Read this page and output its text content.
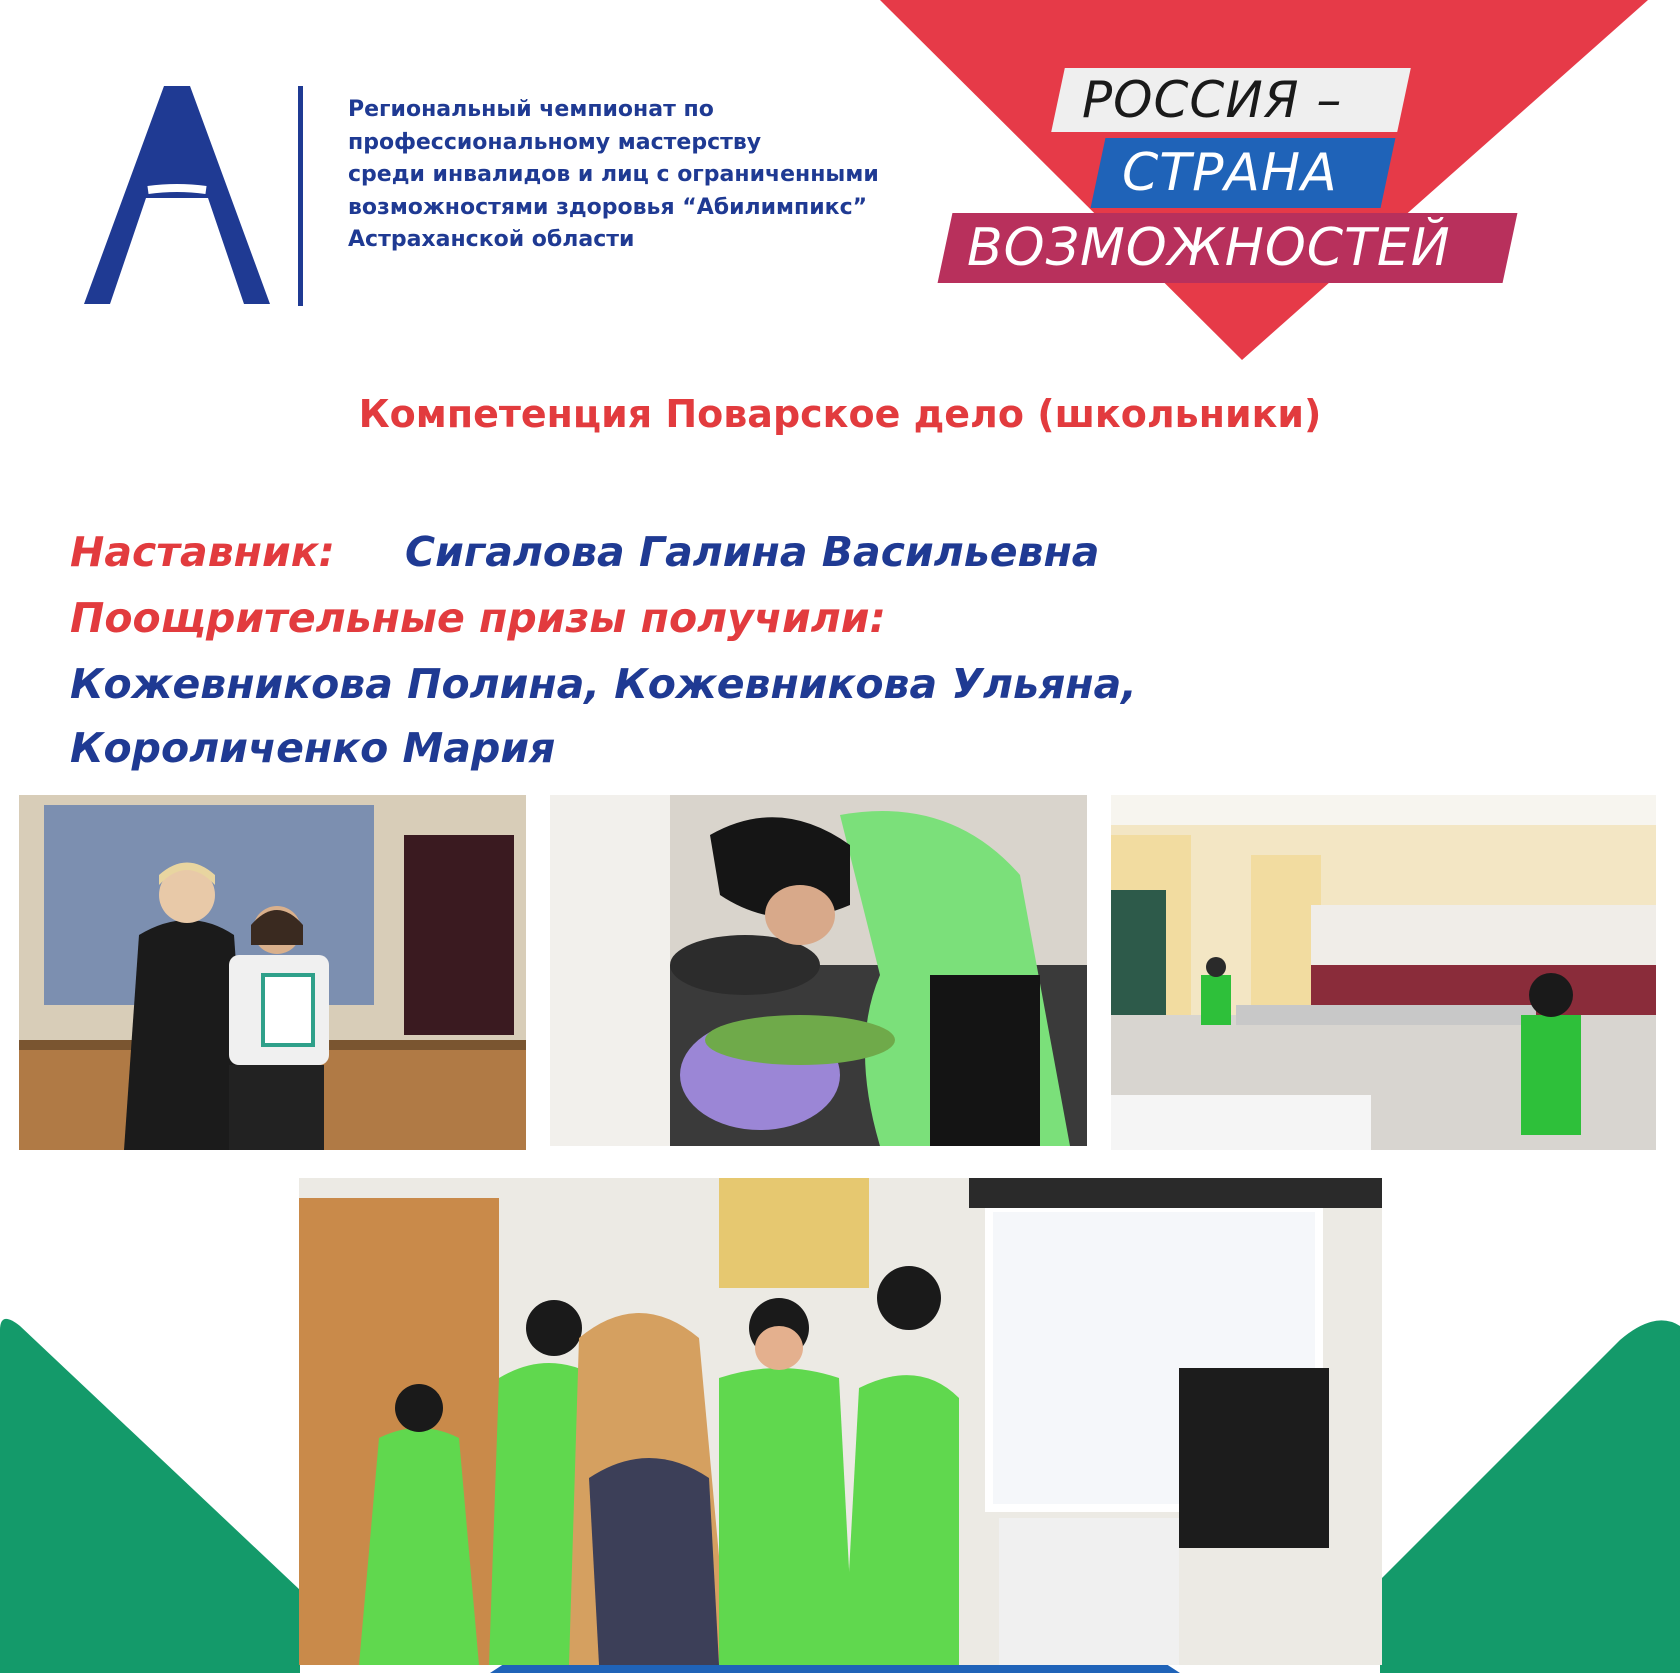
Региональный чемпионат по
профессиональному мастерству
среди инвалидов и лиц с ограниченными
возможностями здоровья “Абилимпикс”
Астраханской области
РОССИЯ –
СТРАНА
ВОЗМОЖНОСТЕЙ
Компетенция Поварское дело (школьники)
Наставник: Сигалова Галина Васильевна
Поощрительные призы получили:
Кожевникова Полина, Кожевникова Ульяна,
Короличенко Мария
